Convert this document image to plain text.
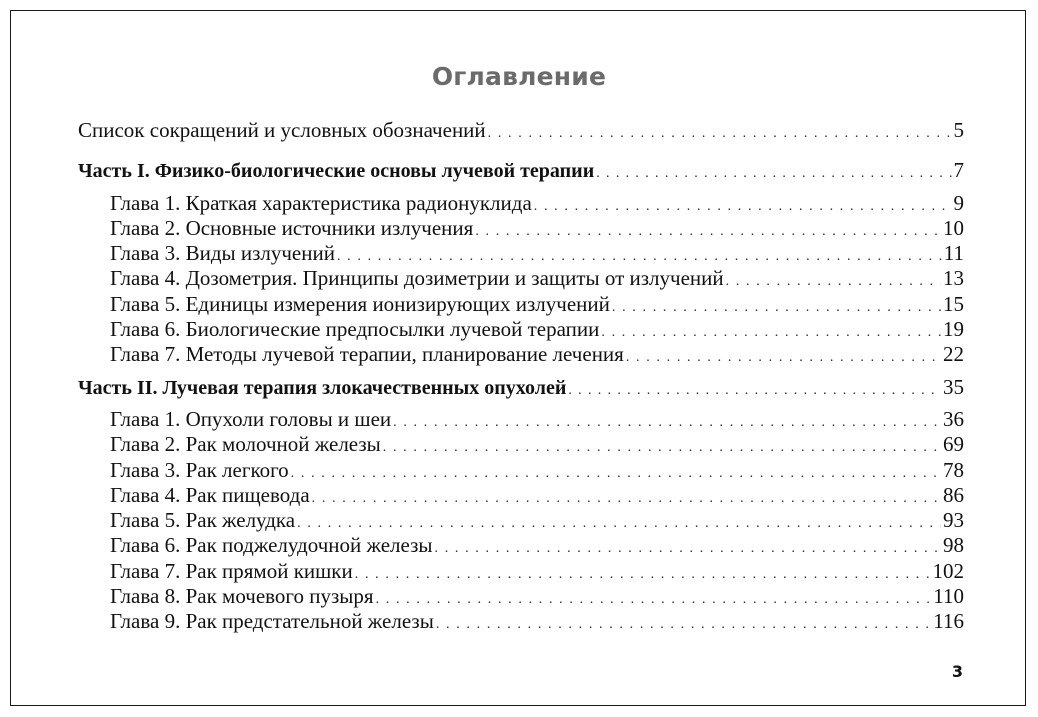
Оглавление
Список сокращений и условных обозначений . . .	5
Часть I. Физико-биологические основы лучевой терапии . . .	7
Глава 1. Краткая характеристика радионуклида . . .	9
Глава 2. Основные источники излучения . . .	10
Глава 3. Виды излучений . . .	11
Глава 4. Дозометрия. Принципы дозиметрии и защиты от излучений . . .	13
Глава 5. Единицы измерения ионизирующих излучений . . .	15
Глава 6. Биологические предпосылки лучевой терапии . . .	19
Глава 7. Методы лучевой терапии, планирование лечения . . .	22
Часть II. Лучевая терапия злокачественных опухолей . . .	35
Глава 1. Опухоли головы и шеи . . .	36
Глава 2. Рак молочной железы . . .	69
Глава 3. Рак легкого . . .	78
Глава 4. Рак пищевода . . .	86
Глава 5. Рак желудка . . .	93
Глава 6. Рак поджелудочной железы . . .	98
Глава 7. Рак прямой кишки . . .	102
Глава 8. Рак мочевого пузыря . . .	110
Глава 9. Рак предстательной железы . . .	116
3
